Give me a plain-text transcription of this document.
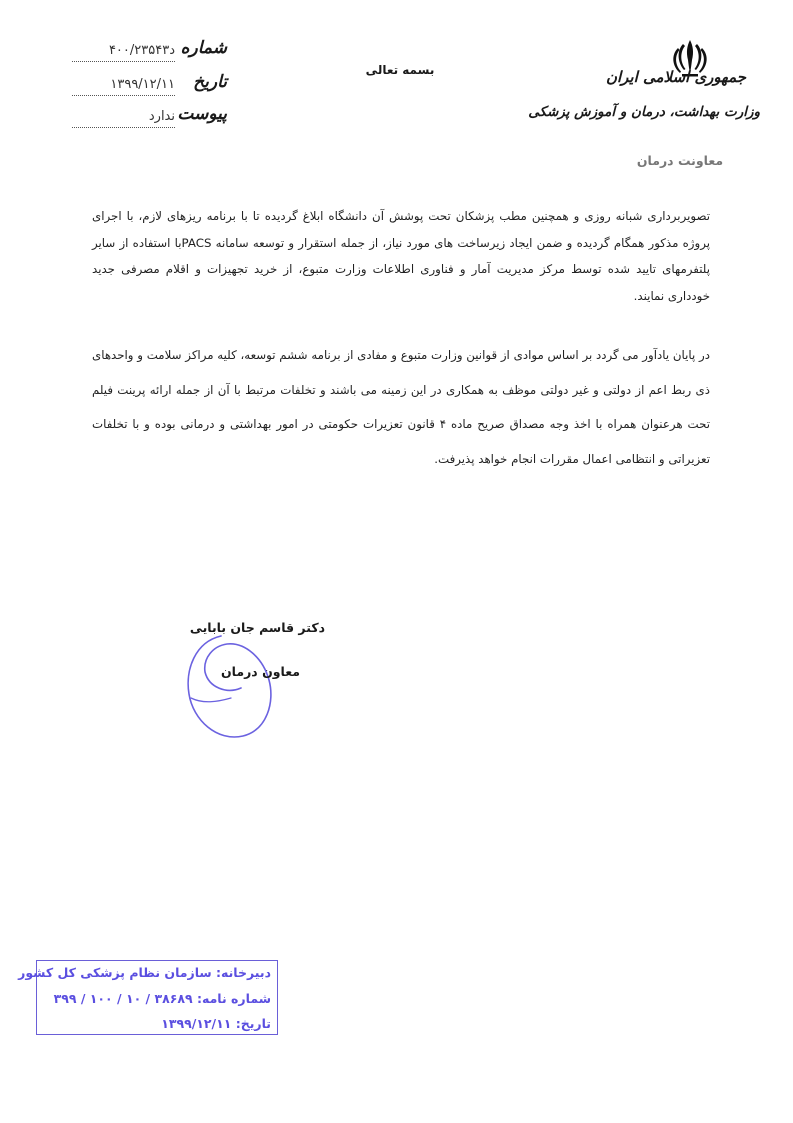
جمهوری اسلامی ایران
وزارت بهداشت، درمان و آموزش پزشکی
معاونت درمان
بسمه تعالی
شماره
د۴۰۰/۲۳۵۴۳
تاریخ
۱۳۹۹/۱۲/۱۱
پیوست
ندارد
تصویربرداری شبانه روزی و همچنین مطب پزشکان تحت پوشش آن دانشگاه ابلاغ گردیده تا با برنامه ریزهای لازم، با اجرای پروژه مذکور همگام گردیده و ضمن ایجاد زیرساخت های مورد نیاز، از جمله استقرار و توسعه سامانه PACSبا استفاده از سایر پلتفرمهای تایید شده توسط مرکز مدیریت آمار و فناوری اطلاعات وزارت متبوع، از خرید تجهیزات و اقلام مصرفی جدید خودداری نمایند.
در پایان یادآور می گردد بر اساس موادی از قوانین وزارت متبوع و مفادی از برنامه ششم توسعه، کلیه مراکز سلامت و واحدهای ذی ربط اعم از دولتی و غیر دولتی موظف به همکاری در این زمینه می باشند و تخلفات مرتبط با آن از جمله ارائه پرینت فیلم تحت هرعنوان همراه با اخذ وجه مصداق صریح ماده ۴ قانون تعزیرات حکومتی در امور بهداشتی و درمانی بوده و با تخلفات تعزیراتی و انتظامی اعمال مقررات انجام خواهد پذیرفت.
دکتر قاسم جان بابایی
معاون درمان
دبیرخانه: سازمان نظام پزشکی کل کشور
شماره نامه: ۳۸۶۸۹ / ۱۰ / ۱۰۰ / ۳۹۹
تاریخ: ۱۳۹۹/۱۲/۱۱
